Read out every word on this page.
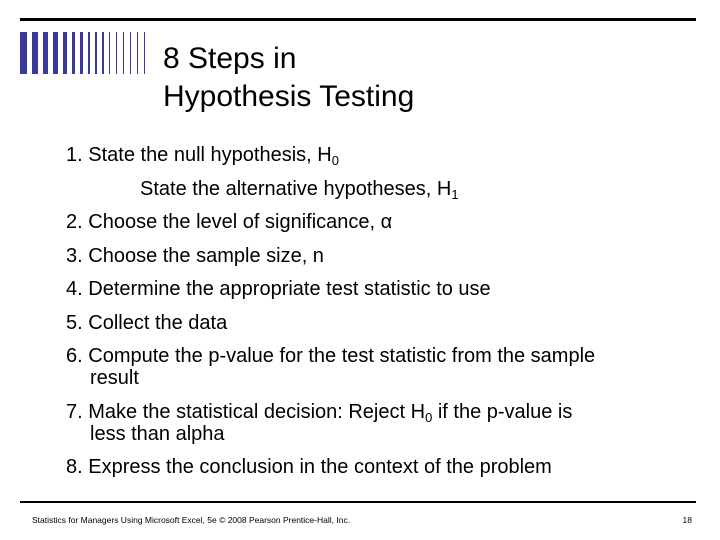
8 Steps in
Hypothesis Testing
1. State the null hypothesis, $H_0$
State the alternative hypotheses, $H_1$
2. Choose the level of significance, α
3. Choose the sample size, n
4. Determine the appropriate test statistic to use
5. Collect the data
6. Compute the p-value for the test statistic from the sample
result
7. Make the statistical decision: Reject $H_0$ if the p-value is
less than alpha
8. Express the conclusion in the context of the problem
Statistics for Managers Using Microsoft Excel, 5e © 2008 Pearson Prentice-Hall, Inc.	18
